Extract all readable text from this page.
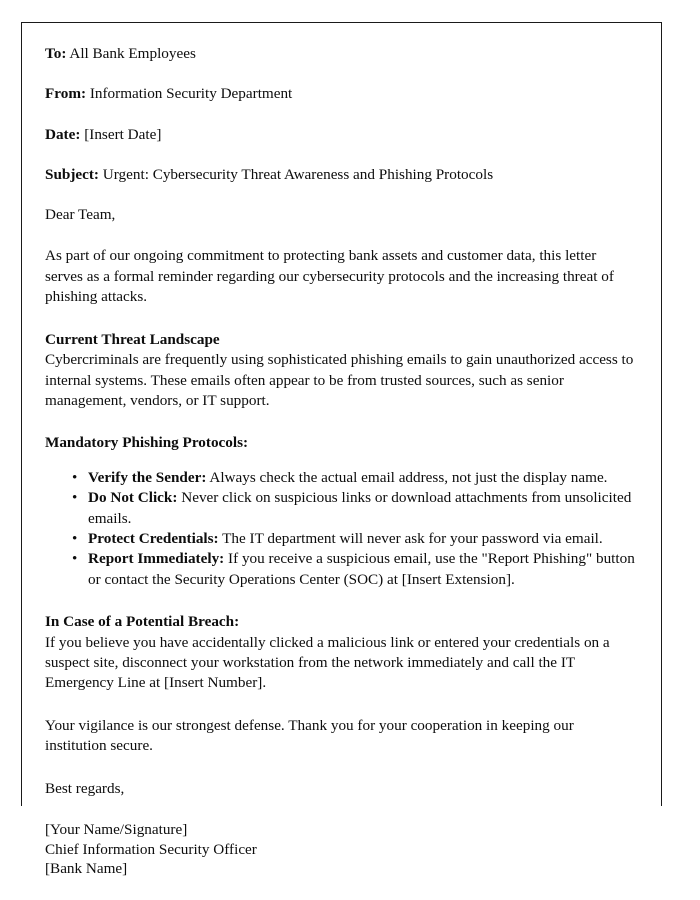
To: All Bank Employees
From: Information Security Department
Date: [Insert Date]
Subject: Urgent: Cybersecurity Threat Awareness and Phishing Protocols
Dear Team,

As part of our ongoing commitment to protecting bank assets and customer data, this letter serves as a formal reminder regarding our cybersecurity protocols and the increasing threat of phishing attacks.

Current Threat Landscape

Cybercriminals are frequently using sophisticated phishing emails to gain unauthorized access to internal systems. These emails often appear to be from trusted sources, such as senior management, vendors, or IT support.

Mandatory Phishing Protocols:
• Verify the Sender: Always check the actual email address, not just the display name.
• Do Not Click: Never click on suspicious links or download attachments from unsolicited emails.
• Protect Credentials: The IT department will never ask for your password via email.
• Report Immediately: If you receive a suspicious email, use the "Report Phishing" button or contact the Security Operations Center (SOC) at [Insert Extension].
In Case of a Potential Breach:

If you believe you have accidentally clicked a malicious link or entered your credentials on a suspect site, disconnect your workstation from the network immediately and call the IT Emergency Line at [Insert Number].

Your vigilance is our strongest defense. Thank you for your cooperation in keeping our institution secure.

Best regards,
[Your Name/Signature]
Chief Information Security Officer
[Bank Name]
